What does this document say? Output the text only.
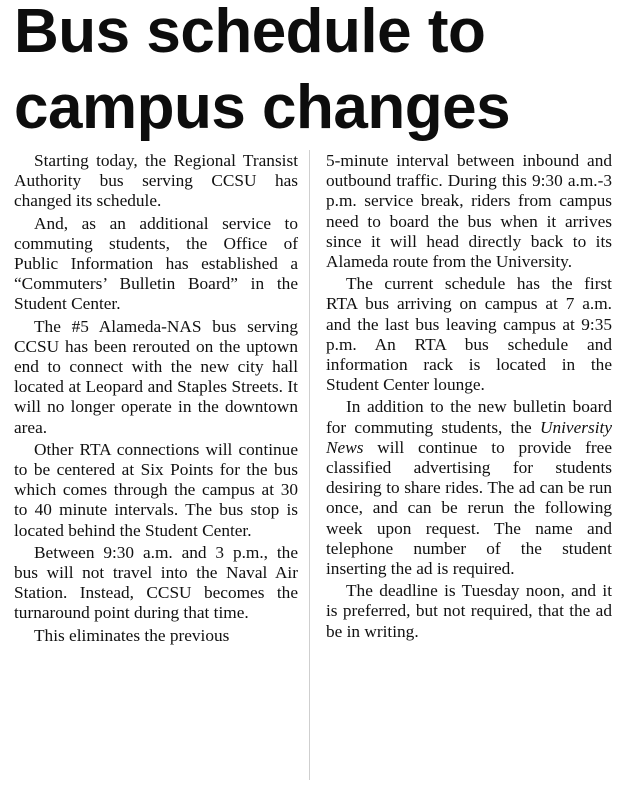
Bus schedule to
campus changes

Starting today, the Regional Transist Authority bus serving CCSU has changed its schedule.

And, as an additional service to commuting students, the Office of Public Information has established a “Commuters’ Bulletin Board” in the Student Center.

The #5 Alameda-NAS bus serving CCSU has been rerouted on the uptown end to connect with the new city hall located at Leopard and Staples Streets. It will no longer operate in the downtown area.

Other RTA connections will continue to be centered at Six Points for the bus which comes through the campus at 30 to 40 minute intervals. The bus stop is located behind the Student Center.

Between 9:30 a.m. and 3 p.m., the bus will not travel into the Naval Air Station. Instead, CCSU becomes the turnaround point during that time.

This eliminates the previous

5-minute interval between inbound and outbound traffic. During this 9:30 a.m.-3 p.m. service break, riders from campus need to board the bus when it arrives since it will head directly back to its Alameda route from the University.

The current schedule has the first RTA bus arriving on campus at 7 a.m. and the last bus leaving campus at 9:35 p.m. An RTA bus schedule and information rack is located in the Student Center lounge.

In addition to the new bulletin board for commuting students, the University News will continue to provide free classified advertising for students desiring to share rides. The ad can be run once, and can be rerun the following week upon request. The name and telephone number of the student inserting the ad is required.

The deadline is Tuesday noon, and it is preferred, but not required, that the ad be in writing.
